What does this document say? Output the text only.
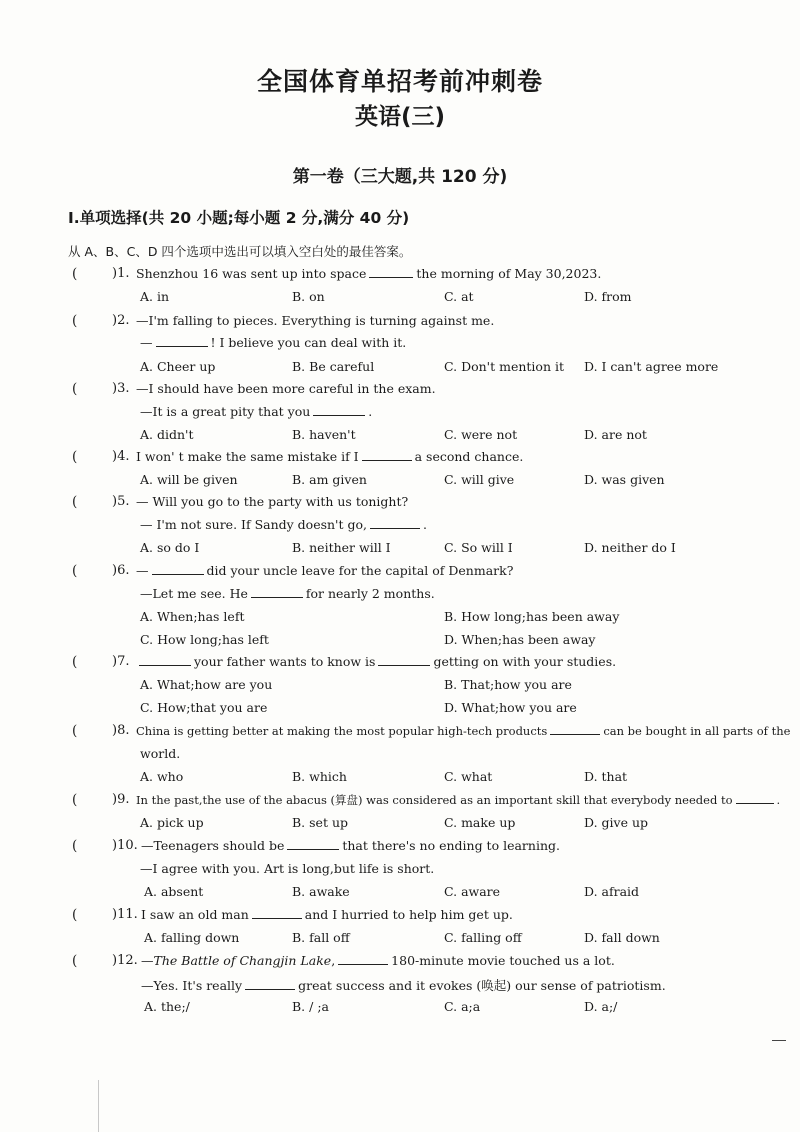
全国体育单招考前冲刺卷
英语(三)
第一卷（三大题,共 120 分)
Ⅰ.单项选择(共 20 小题;每小题 2 分,满分 40 分)
从 A、B、C、D 四个选项中选出可以填入空白处的最佳答案。
(	)1. Shenzhou 16 was sent up into space	the morning of May 30,2023.
A. in	B. on	C. at	D. from
(	)2. —I'm falling to pieces. Everything is turning against me.
—	! I believe you can deal with it.
A. Cheer up	B. Be careful	C. Don't mention it D. I can't agree more
(	)3. —I should have been more careful in the exam.
—It is a great pity that you	.
A. didn't	B. haven't	C. were not	D. are not
(	)4. I won' t make the same mistake if I	a second chance.
A. will be given	B. am given	C. will give	D. was given
(	)5. — Will you go to the party with us tonight?
— I'm not sure. If Sandy doesn't go,	.
A. so do I	B. neither will I	C. So will I	D. neither do I
(	)6. —	did your uncle leave for the capital of Denmark?
—Let me see. He	for nearly 2 months.
A. When;has left	B. How long;has been away
C. How long;has left	D. When;has been away
(	)7.	your father wants to know is	getting on with your studies.
A. What;how are you	B. That;how you are
C. How;that you are	D. What;how you are
(	)8. China is getting better at making the most popular high-tech products	can be bought in all parts of the
world.
A. who	B. which	C. what	D. that
(	)9. In the past,the use of the abacus (算盘) was considered as an important skill that everybody needed to	.
A. pick up	B. set up	C. make up	D. give up
(	)10. —Teenagers should be	that there's no ending to learning.
—I agree with you. Art is long,but life is short.
A. absent	B. awake	C. aware	D. afraid
(	)11. I saw an old man	and I hurried to help him get up.
A. falling down	B. fall off	C. falling off	D. fall down
(	)12. —The Battle of Changjin Lake,	180-minute movie touched us a lot.
—Yes. It's really	great success and it evokes (唤起) our sense of patriotism.
A. the;/	B. / ;a	C. a;a	D. a;/
